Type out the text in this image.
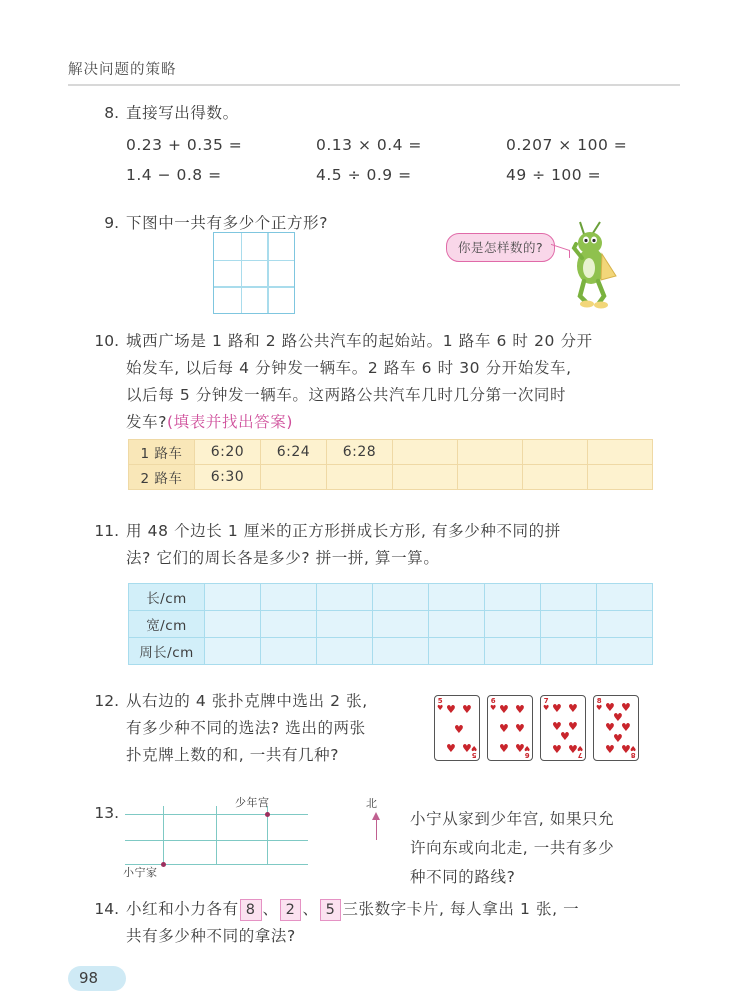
解决问题的策略
8. 直接写出得数。
0.23 + 0.35 =	0.13 × 0.4 =	0.207 × 100 =
1.4 − 0.8 =	4.5 ÷ 0.9 =	49 ÷ 100 =
9. 下图中一共有多少个正方形?
你是怎样数的?
10. 城西广场是 1 路和 2 路公共汽车的起始站。1 路车 6 时 20 分开
始发车, 以后每 4 分钟发一辆车。2 路车 6 时 30 分开始发车,
以后每 5 分钟发一辆车。这两路公共汽车几时几分第一次同时
发车?(填表并找出答案)
1 路车	6:20	6:24	6:28				
2 路车	6:30						
11. 用 48 个边长 1 厘米的正方形拼成长方形, 有多少种不同的拼
法? 它们的周长各是多少? 拼一拼, 算一算。
长/cm								
宽/cm								
周长/cm								
12. 从右边的 4 张扑克牌中选出 2 张,
有多少种不同的选法? 选出的两张
扑克牌上数的和, 一共有几种?
5
♥
5
♥
♥ ♥
♥
♥ ♥
6
♥
6
♥
♥ ♥
♥ ♥
♥ ♥
7
♥
7
♥
♥ ♥
♥ ♥
♥
♥ ♥
8
♥
8
♥
♥ ♥
♥
♥ ♥
♥
♥ ♥
13.
少年宫
小宁家
北
小宁从家到少年宫, 如果只允
许向东或向北走, 一共有多少
种不同的路线?
14. 小红和小力各有 8 、 2 、 5 三张数字卡片, 每人拿出 1 张, 一
共有多少种不同的拿法?
98
